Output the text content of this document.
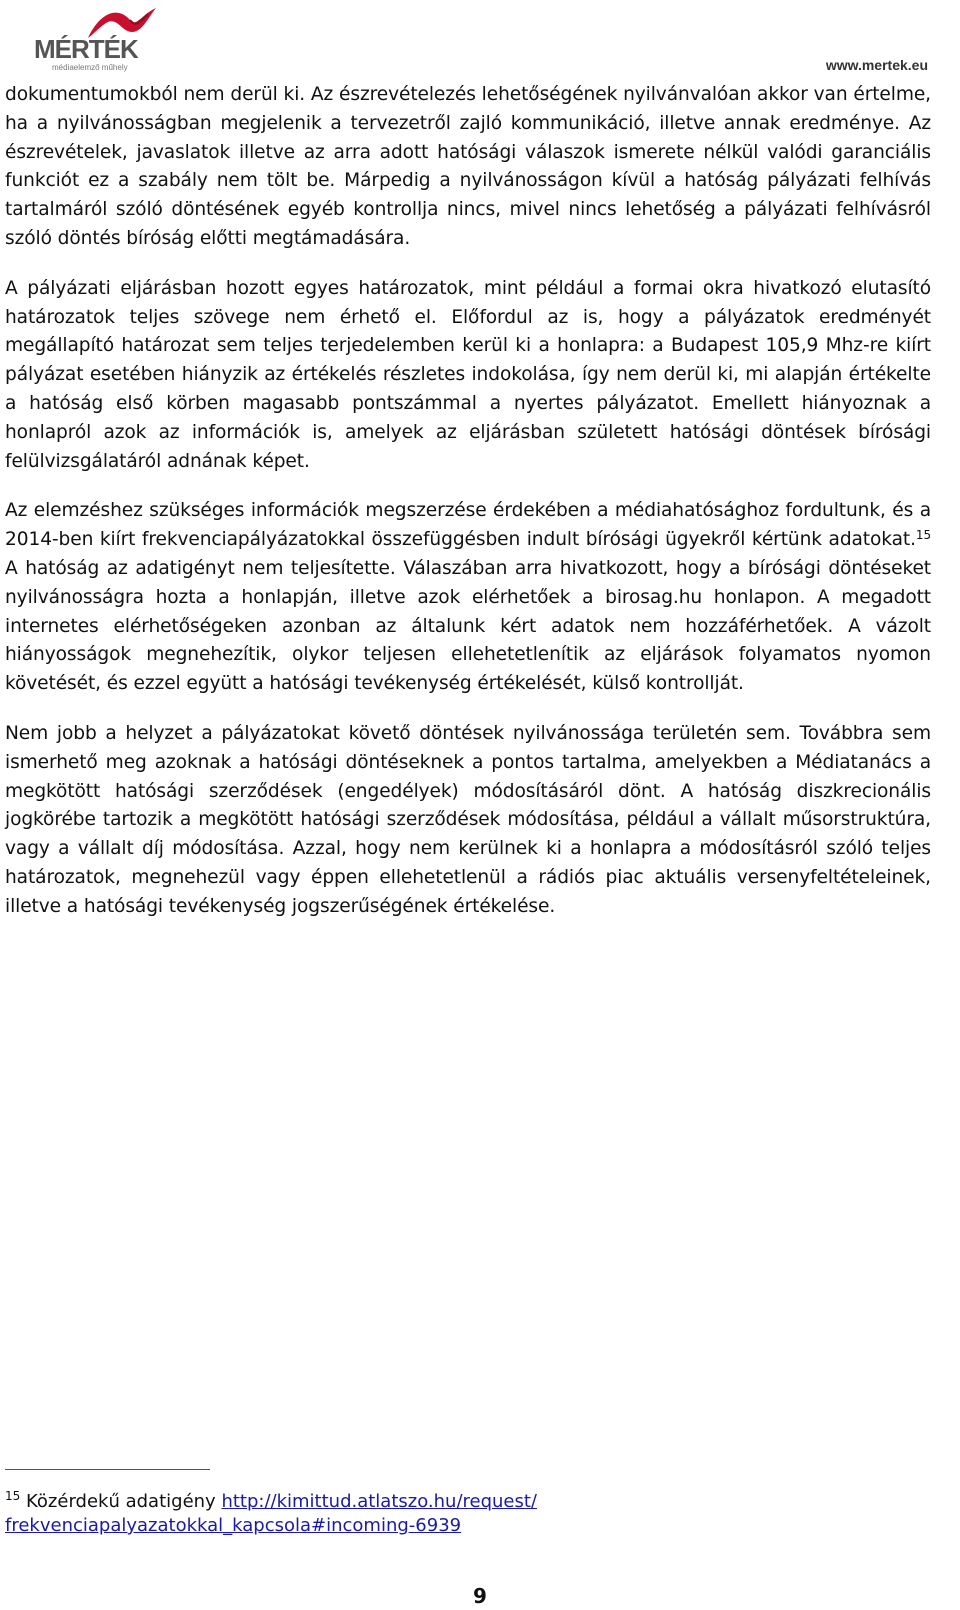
MÉRTÉK
médiaelemző műhely	www.mertek.eu

dokumentumokból nem derül ki. Az észrevételezés lehetőségének nyilvánvalóan akkor van értelme, ha a nyilvánosságban megjelenik a tervezetről zajló kommunikáció, illetve annak eredménye. Az észrevételek, javaslatok illetve az arra adott hatósági válaszok ismerete nélkül valódi garanciális funkciót ez a szabály nem tölt be. Márpedig a nyilvánosságon kívül a hatóság pályázati felhívás tartalmáról szóló döntésének egyéb kontrollja nincs, mivel nincs lehetőség a pályázati felhívásról szóló döntés bíróság előtti megtámadására.

A pályázati eljárásban hozott egyes határozatok, mint például a formai okra hivatkozó elutasító határozatok teljes szövege nem érhető el. Előfordul az is, hogy a pályázatok eredményét megállapító határozat sem teljes terjedelemben kerül ki a honlapra: a Budapest 105,9 Mhz-re kiírt pályázat esetében hiányzik az értékelés részletes indokolása, így nem derül ki, mi alapján értékelte a hatóság első körben magasabb pontszámmal a nyertes pályázatot. Emellett hiányoznak a honlapról azok az információk is, amelyek az eljárásban született hatósági döntések bírósági felülvizsgálatáról adnának képet.

Az elemzéshez szükséges információk megszerzése érdekében a médiahatósághoz fordultunk, és a 2014-ben kiírt frekvenciapályázatokkal összefüggésben indult bírósági ügyekről kértünk adatokat.$^{15}$ A hatóság az adatigényt nem teljesítette. Válaszában arra hivatkozott, hogy a bírósági döntéseket nyilvánosságra hozta a honlapján, illetve azok elérhetőek a birosag.hu honlapon. A megadott internetes elérhetőségeken azonban az általunk kért adatok nem hozzáférhetőek. A vázolt hiányosságok megnehezítik, olykor teljesen ellehetetlenítik az eljárások folyamatos nyomon követését, és ezzel együtt a hatósági tevékenység értékelését, külső kontrollját.

Nem jobb a helyzet a pályázatokat követő döntések nyilvánossága területén sem. Továbbra sem ismerhető meg azoknak a hatósági döntéseknek a pontos tartalma, amelyekben a Médiatanács a megkötött hatósági szerződések (engedélyek) módosításáról dönt. A hatóság diszkrecionális jogkörébe tartozik a megkötött hatósági szerződések módosítása, például a vállalt műsorstruktúra, vagy a vállalt díj módosítása. Azzal, hogy nem kerülnek ki a honlapra a módosításról szóló teljes határozatok, megnehezül vagy éppen ellehetetlenül a rádiós piac aktuális versenyfeltételeinek, illetve a hatósági tevékenység jogszerűségének értékelése.

$^{15}$ Közérdekű adatigény http://kimittud.atlatszo.hu/request/
frekvenciapalyazatokkal_kapcsola#incoming-6939
9
